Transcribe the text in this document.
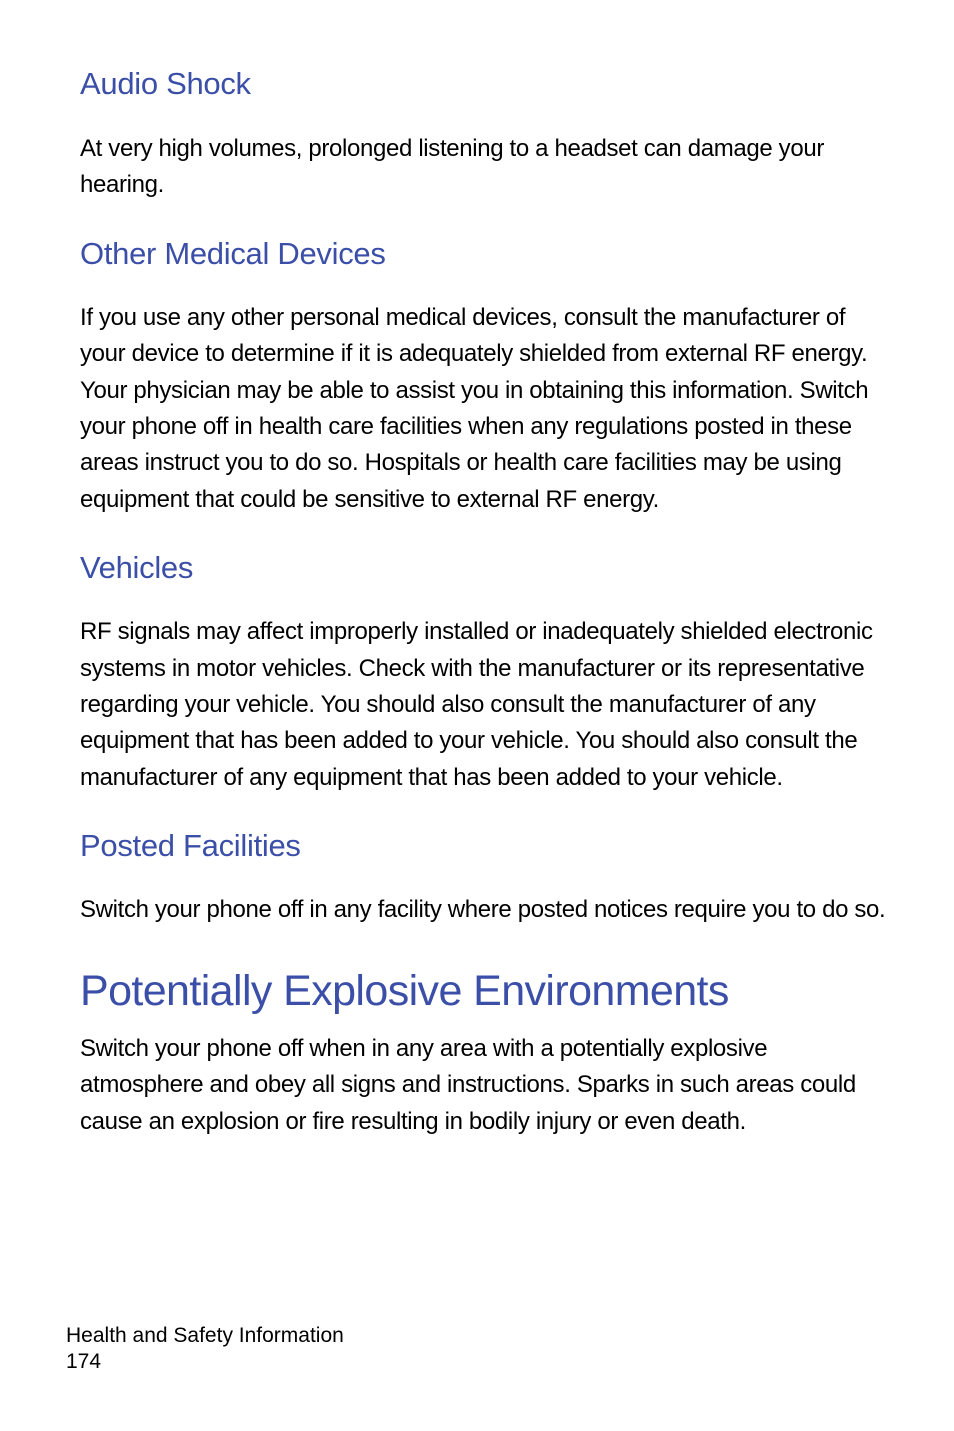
Audio Shock

At very high volumes, prolonged listening to a headset can damage your hearing.

Other Medical Devices

If you use any other personal medical devices, consult the manufacturer of your device to determine if it is adequately shielded from external RF energy. Your physician may be able to assist you in obtaining this information. Switch your phone off in health care facilities when any regulations posted in these areas instruct you to do so. Hospitals or health care facilities may be using equipment that could be sensitive to external RF energy.

Vehicles

RF signals may affect improperly installed or inadequately shielded electronic systems in motor vehicles. Check with the manufacturer or its representative regarding your vehicle. You should also consult the manufacturer of any equipment that has been added to your vehicle. You should also consult the manufacturer of any equipment that has been added to your vehicle.

Posted Facilities

Switch your phone off in any facility where posted notices require you to do so.

Potentially Explosive Environments

Switch your phone off when in any area with a potentially explosive atmosphere and obey all signs and instructions. Sparks in such areas could cause an explosion or fire resulting in bodily injury or even death.

Health and Safety Information
174
